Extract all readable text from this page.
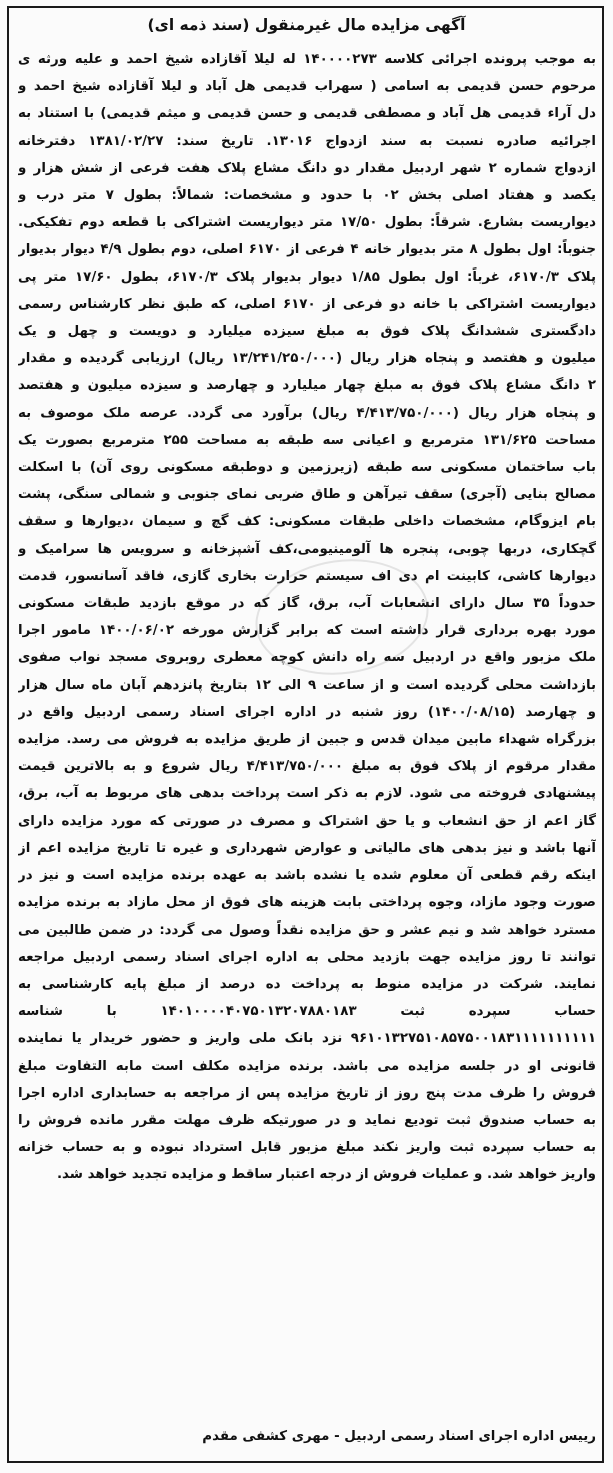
آگهی مزایده مال غیرمنقول (سند ذمه ای)
به موجب پرونده اجرائی کلاسه ۱۴۰۰۰۰۲۷۳ له لیلا آقازاده شیخ احمد و علیه ورثه ی
مرحوم حسن قدیمی به اسامی ( سهراب قدیمی هل آباد و لیلا آقازاده شیخ احمد و
دل آراء قدیمی هل آباد و مصطفی قدیمی و حسن قدیمی و میثم قدیمی) با استناد به
اجرائیه صادره نسبت به سند ازدواج ۱۳۰۱۶. تاریخ سند: ۱۳۸۱/۰۲/۲۷ دفترخانه
ازدواج شماره ۲ شهر اردبیل مقدار دو دانگ مشاع پلاک هفت فرعی از شش هزار و
یکصد و هفتاد اصلی بخش ۰۲ با حدود و مشخصات: شمالاً: بطول ۷ متر درب و
دیواریست بشارع. شرقاً: بطول ۱۷/۵۰ متر دیواریست اشتراکی با قطعه دوم تفکیکی.
جنوباً: اول بطول ۸ متر بدیوار خانه ۴ فرعی از ۶۱۷۰ اصلی، دوم بطول ۴/۹ دیوار بدیوار
پلاک ۶۱۷۰/۳، غرباً: اول بطول ۱/۸۵ دیوار بدیوار پلاک ۶۱۷۰/۳، بطول ۱۷/۶۰ متر پی
دیواریست اشتراکی با خانه دو فرعی از ۶۱۷۰ اصلی، که طبق نظر کارشناس رسمی
دادگستری ششدانگ پلاک فوق به مبلغ سیزده میلیارد و دویست و چهل و یک
میلیون و هفتصد و پنجاه هزار ریال (۱۳/۲۴۱/۲۵۰/۰۰۰ ریال) ارزیابی گردیده و مقدار
۲ دانگ مشاع پلاک فوق به مبلغ چهار میلیارد و چهارصد و سیزده میلیون و هفتصد
و پنجاه هزار ریال (۴/۴۱۳/۷۵۰/۰۰۰ ریال) برآورد می گردد. عرصه ملک موصوف به
مساحت ۱۳۱/۶۲۵ مترمربع و اعیانی سه طبقه به مساحت ۲۵۵ مترمربع بصورت یک
باب ساختمان مسکونی سه طبقه (زیرزمین و دوطبقه مسکونی روی آن) با اسکلت
مصالح بنایی (آجری) سقف تیرآهن و طاق ضربی نمای جنوبی و شمالی سنگی، پشت
بام ایزوگام، مشخصات داخلی طبقات مسکونی: کف گچ و سیمان ،دیوارها و سقف
گچکاری، دربها چوبی، پنجره ها آلومینیومی،کف آشپزخانه و سرویس ها سرامیک و
دیوارها کاشی، کابینت ام دی اف سیستم حرارت بخاری گازی، فاقد آسانسور، قدمت
حدوداً ۳۵ سال دارای انشعابات آب، برق، گاز که در موقع بازدید طبقات مسکونی
مورد بهره برداری قرار داشته است که برابر گزارش مورخه ۱۴۰۰/۰۶/۰۲ مامور اجرا
ملک مزبور واقع در اردبیل سه راه دانش کوچه معطری روبروی مسجد نواب صفوی
بازداشت محلی گردیده است و از ساعت ۹ الی ۱۲ بتاریخ پانزدهم آبان ماه سال هزار
و چهارصد (۱۴۰۰/۰۸/۱۵) روز شنبه در اداره اجرای اسناد رسمی اردبیل واقع در
بزرگراه شهداء مابین میدان قدس و جبین از طریق مزایده به فروش می رسد. مزایده
مقدار مرقوم از پلاک فوق به مبلغ ۴/۴۱۳/۷۵۰/۰۰۰ ریال شروع و به بالاترین قیمت
پیشنهادی فروخته می شود. لازم به ذکر است پرداخت بدهی های مربوط به آب، برق،
گاز اعم از حق انشعاب و یا حق اشتراک و مصرف در صورتی که مورد مزایده دارای
آنها باشد و نیز بدهی های مالیاتی و عوارض شهرداری و غیره تا تاریخ مزایده اعم از
اینکه رقم قطعی آن معلوم شده یا نشده باشد به عهده برنده مزایده است و نیز در
صورت وجود مازاد، وجوه پرداختی بابت هزینه های فوق از محل مازاد به برنده مزایده
مسترد خواهد شد و نیم عشر و حق مزایده نقداً وصول می گردد: در ضمن طالبین می
توانند تا روز مزایده جهت بازدید محلی به اداره اجرای اسناد رسمی اردبیل مراجعه
نمایند. شرکت در مزایده منوط به پرداخت ده درصد از مبلغ پایه کارشناسی به
حساب سپرده ثبت ۱۴۰۱۰۰۰۰۴۰۷۵۰۱۳۲۰۷۸۸۰۱۸۳ با شناسه
۹۶۱۰۱۳۲۷۵۱۰۸۵۷۵۰۰۱۸۳۱۱۱۱۱۱۱۱۱۱ نزد بانک ملی واریز و حضور خریدار یا نماینده
قانونی او در جلسه مزایده می باشد. برنده مزایده مکلف است مابه التفاوت مبلغ
فروش را ظرف مدت پنج روز از تاریخ مزایده پس از مراجعه به حسابداری اداره اجرا
به حساب صندوق ثبت تودیع نماید و در صورتیکه ظرف مهلت مقرر مانده فروش را
به حساب سپرده ثبت واریز نکند مبلغ مزبور قابل استرداد نبوده و به حساب خزانه
واریز خواهد شد. و عملیات فروش از درجه اعتبار ساقط و مزایده تجدید خواهد شد.
رییس اداره اجرای اسناد رسمی اردبیل - مهری کشفی مقدم
